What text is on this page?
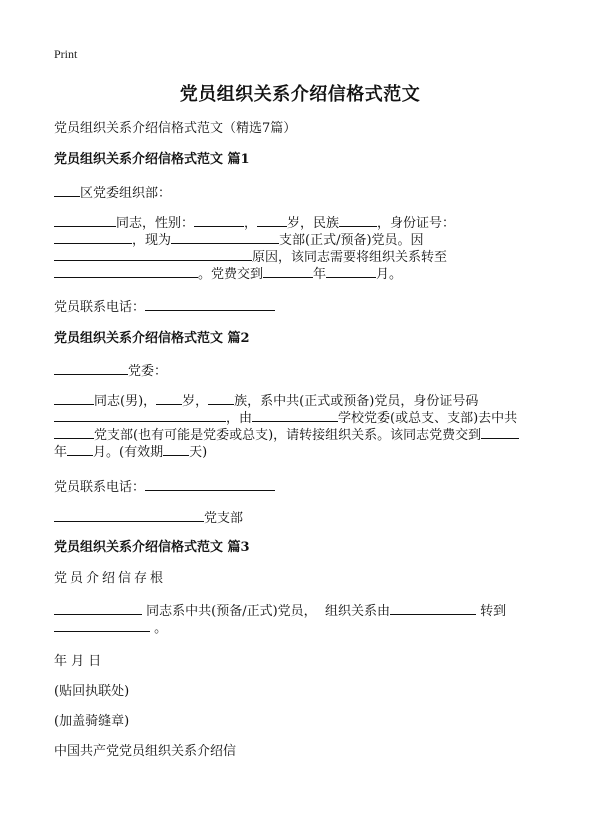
Print
党员组织关系介绍信格式范文
党员组织关系介绍信格式范文（精选7篇）
党员组织关系介绍信格式范文 篇1
区党委组织部：
同志，性别：	， 岁，民族	，身份证号：
，现为	支部(正式/预备)党员。因
原因，该同志需要将组织关系转至
。党费交到	年	月。
党员联系电话：
党员组织关系介绍信格式范文 篇2
党委：
同志(男)， 岁， 族，系中共(正式或预备)党员，身份证号码
，由	学校党委(或总支、支部)去中共
党支部(也有可能是党委或总支)，请转接组织关系。该同志党费交到
年 月。(有效期 天)
党员联系电话：
党支部
党员组织关系介绍信格式范文 篇3
党员介绍信存根
同志系中共(预备/正式)党员， 组织关系由	转到
。
年 月 日
(贴回执联处)
(加盖骑缝章)
中国共产党党员组织关系介绍信
